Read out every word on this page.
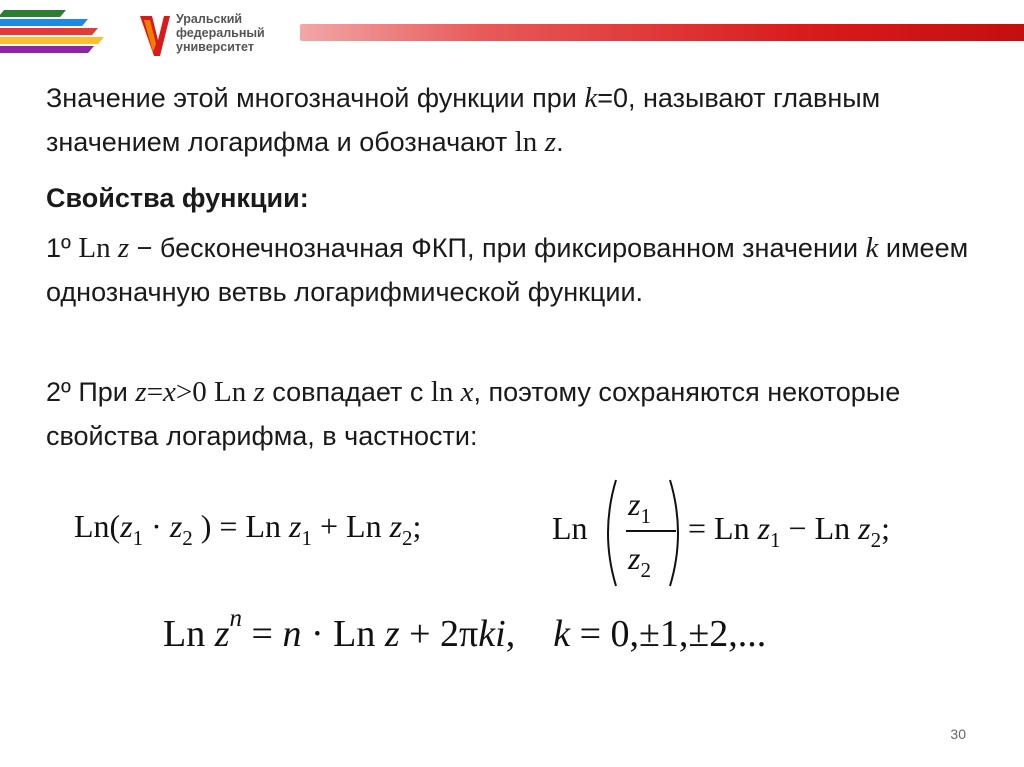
Уральский
федеральный
университет
Значение этой многозначной функции при k=0, называют главным значением логарифма и обозначают ln z.
Свойства функции:
1º Ln z − бесконечнозначная ФКП, при фиксированном значении k имеем однозначную ветвь логарифмической функции.
2º При z=x>0 Ln z совпадает с ln x, поэтому сохраняются некоторые свойства логарифма, в частности:
$Ln(z_1 \cdot z_2$ ) = Ln $z_1 + Ln$ $z_2$;	Ln
$z_1$
$z_2$
= Ln $z_1 - Ln$ $z_2$;
Ln $z^n = n \cdot Ln$ z + 2πki,    k = 0,±1,±2,...
30
